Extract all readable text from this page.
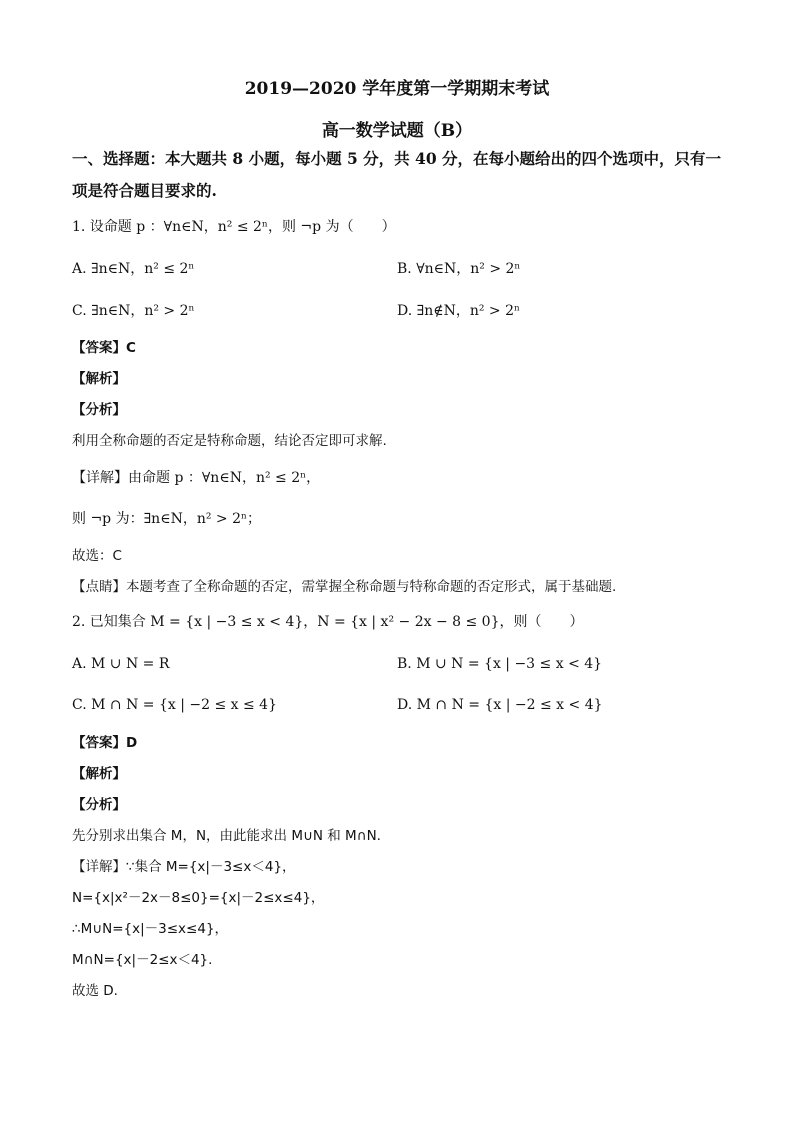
2019—2020 学年度第一学期期末考试
高一数学试题（B）
一、选择题：本大题共 8 小题，每小题 5 分，共 40 分，在每小题给出的四个选项中，只有一
项是符合题目要求的.
1. 设命题 p ：∀n∈N，n² ≤ 2ⁿ，则 ¬p 为（　　）
A. ∃n∈N，n² ≤ 2ⁿ	B. ∀n∈N，n² > 2ⁿ
C. ∃n∈N，n² > 2ⁿ	D. ∃n∉N，n² > 2ⁿ
【答案】C
【解析】
【分析】
利用全称命题的否定是特称命题，结论否定即可求解.
【详解】由命题 p ：∀n∈N，n² ≤ 2ⁿ，
则 ¬p 为：∃n∈N，n² > 2ⁿ；
故选：C
【点睛】本题考查了全称命题的否定，需掌握全称命题与特称命题的否定形式，属于基础题.
2. 已知集合 M = {x | −3 ≤ x < 4}，N = {x | x² − 2x − 8 ≤ 0}，则（　　）
A. M ∪ N = R	B. M ∪ N = {x | −3 ≤ x < 4}
C. M ∩ N = {x | −2 ≤ x ≤ 4}	D. M ∩ N = {x | −2 ≤ x < 4}
【答案】D
【解析】
【分析】
先分别求出集合 M，N，由此能求出 M∪N 和 M∩N.
【详解】∵集合 M={x|－3≤x＜4}，
N={x|x²－2x－8≤0}={x|－2≤x≤4}，
∴M∪N={x|－3≤x≤4}，
M∩N={x|－2≤x＜4}.
故选 D.
